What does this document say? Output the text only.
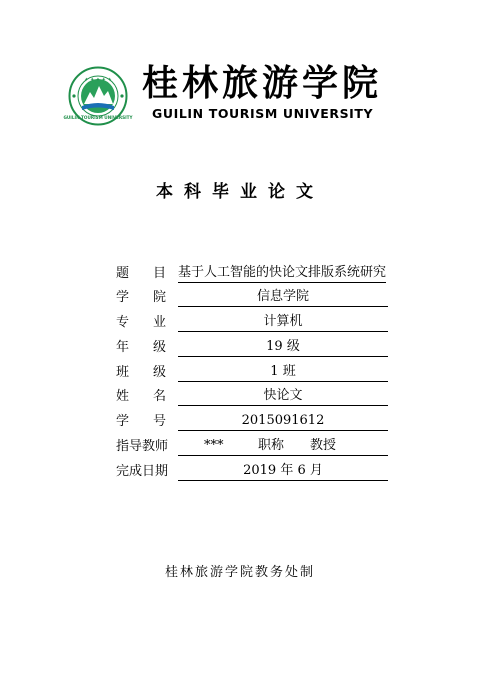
✦ ✦ ✦ ✦ ✦
GUILIN TOURISM UNIVERSITY
桂林旅游学院
GUILIN TOURISM UNIVERSITY
本科毕业论文
题 目 基于人工智能的快论文排版系统研究
学 院	信息学院
专 业	计算机
年 级	19 级
班 级	1 班
姓 名	快论文
学 号	2015091612
指导教师	***	职称 教授
完成日期	2019 年 6 月
桂林旅游学院教务处制
